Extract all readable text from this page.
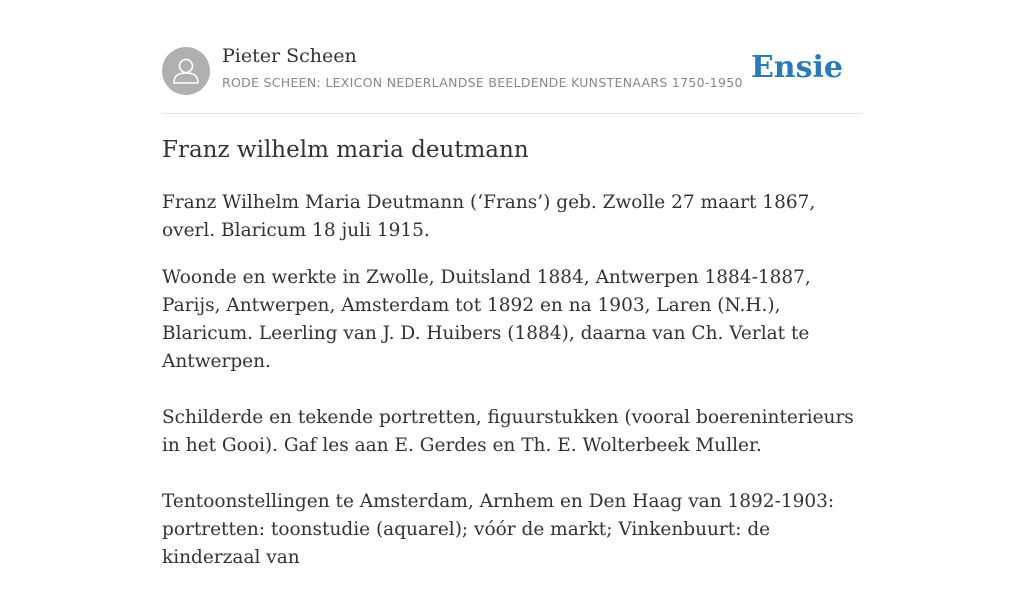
Pieter Scheen
RODE SCHEEN: LEXICON NEDERLANDSE BEELDENDE KUNSTENAARS 1750-1950 Ensie
Franz wilhelm maria deutmann

Franz Wilhelm Maria Deutmann (‘Frans’) geb. Zwolle 27 maart 1867, overl. Blaricum 18 juli 1915.

Woonde en werkte in Zwolle, Duitsland 1884, Antwerpen 1884-1887, Parijs, Antwerpen, Amsterdam tot 1892 en na 1903, Laren (N.H.), Blaricum. Leerling van J. D. Huibers (1884), daarna van Ch. Verlat te Antwerpen.

Schilderde en tekende portretten, figuurstukken (vooral boereninterieurs in het Gooi). Gaf les aan E. Gerdes en Th. E. Wolterbeek Muller.

Tentoonstellingen te Amsterdam, Arnhem en Den Haag van 1892-1903: portretten: toonstudie (aquarel); vóór de markt; Vinkenbuurt: de kinderzaal van
